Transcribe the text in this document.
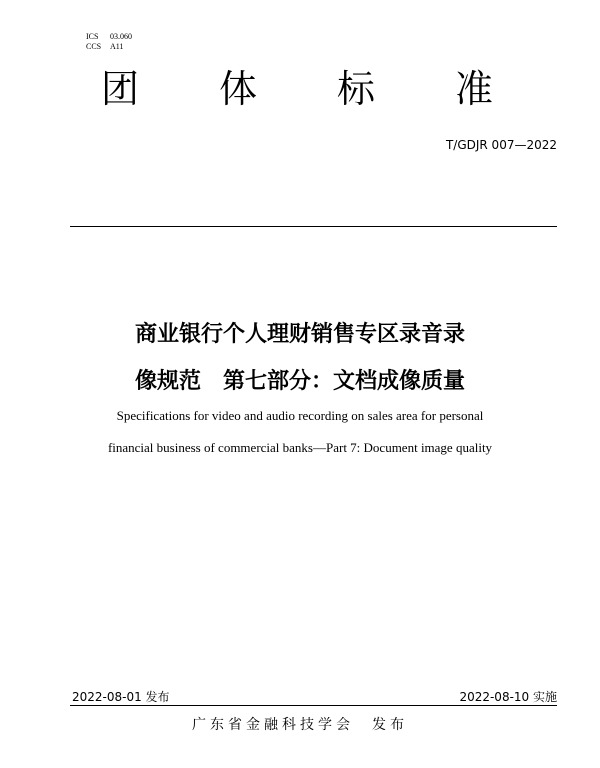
ICS	03.060
CCS	A11
团体标准
T/GDJR 007—2022
商业银行个人理财销售专区录音录
像规范　第七部分：文档成像质量
Specifications for video and audio recording on sales area for personal
financial business of commercial banks—Part 7: Document image quality
2022-08-01 发布	2022-08-10 实施
广东省金融科技学会　发布
